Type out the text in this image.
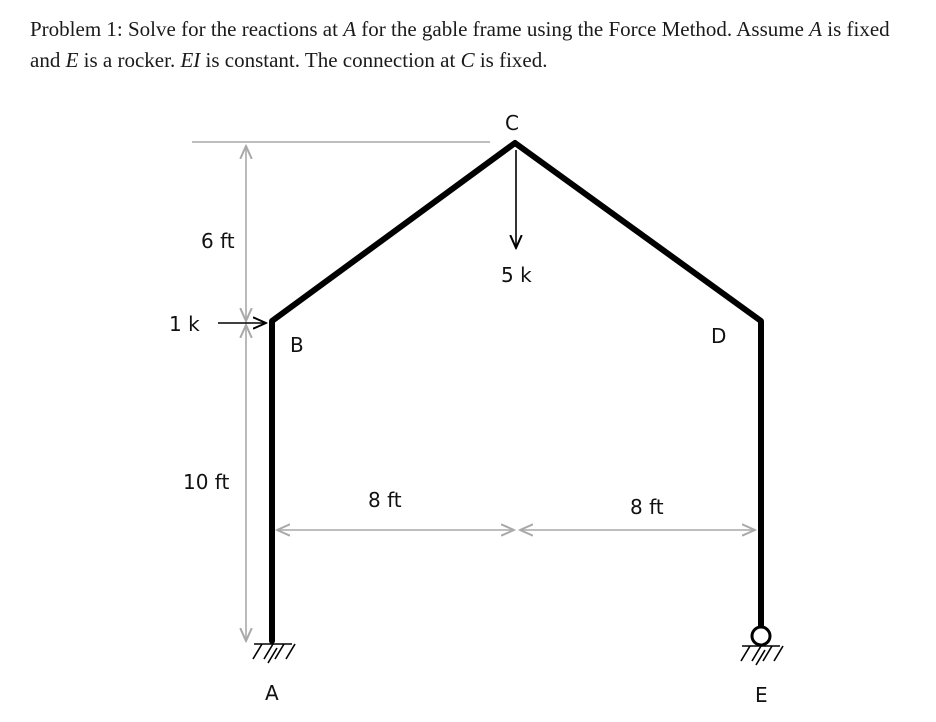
Problem 1: Solve for the reactions at A for the gable frame using the Force Method. Assume A is fixed and E is a rocker. EI is constant. The connection at C is fixed.

C
B	D
A	E
1 k
5 k
6 ft
10 ft
8 ft	8 ft
